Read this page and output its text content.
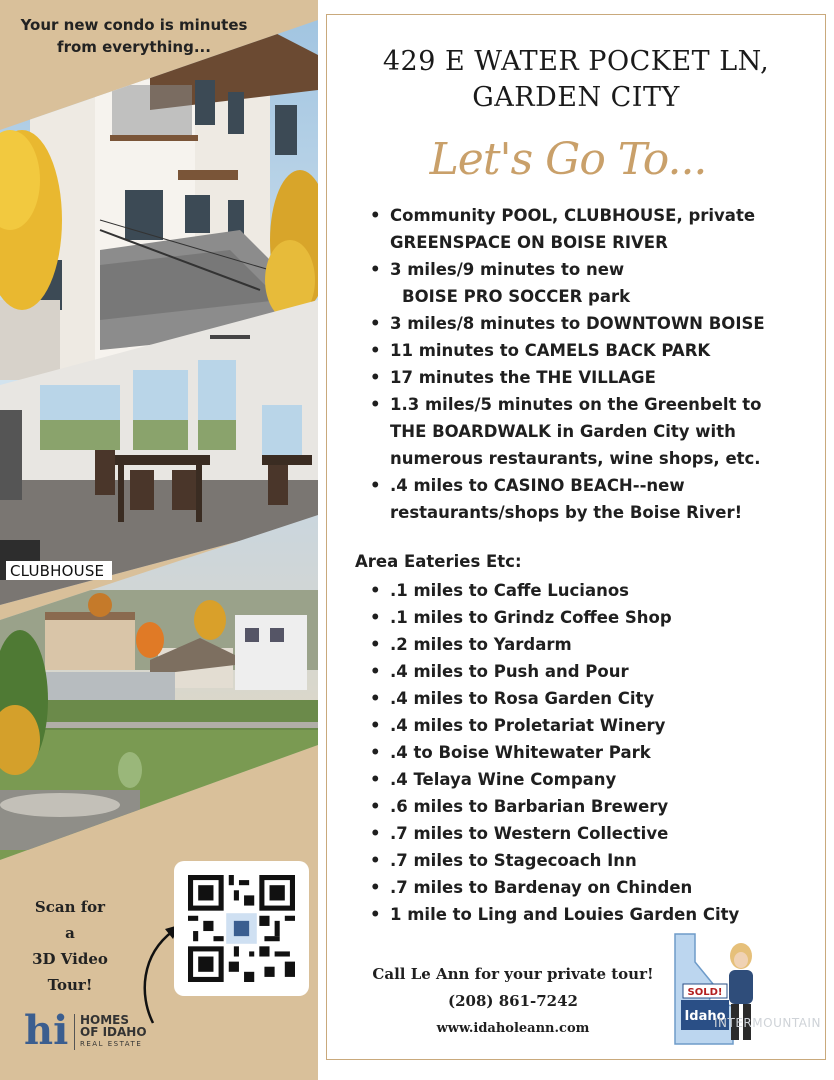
Your new condo is minutes
from everything...
CLUBHOUSE
Scan for a
3D Video
Tour!
hi HOMES
OF IDAHO
REAL ESTATE
429 E WATER POCKET LN,
GARDEN CITY
Let's Go To...
• Community POOL, CLUBHOUSE, private
GREENSPACE ON BOISE RIVER
• 3 miles/9 minutes to new
BOISE PRO SOCCER park
• 3 miles/8 minutes to DOWNTOWN BOISE
• 11 minutes to CAMELS BACK PARK
• 17 minutes the THE VILLAGE
• 1.3 miles/5 minutes on the Greenbelt to
THE BOARDWALK in Garden City with
numerous restaurants, wine shops, etc.
• .4 miles to CASINO BEACH--new
restaurants/shops by the Boise River!
Area Eateries Etc:
• .1 miles to Caffe Lucianos
• .1 miles to Grindz Coffee Shop
• .2 miles to Yardarm
• .4 miles to Push and Pour
• .4 miles to Rosa Garden City
• .4 miles to Proletariat Winery
• .4 to Boise Whitewater Park
• .4 Telaya Wine Company
• .6 miles to Barbarian Brewery
• .7 miles to Western Collective
• .7 miles to Stagecoach Inn
• .7 miles to Bardenay on Chinden
• 1 mile to Ling and Louies Garden City
Call Le Ann for your private tour!
(208) 861-7242
www.idaholeann.com
SOLD!
Idaho
INTERMOUNTAIN
